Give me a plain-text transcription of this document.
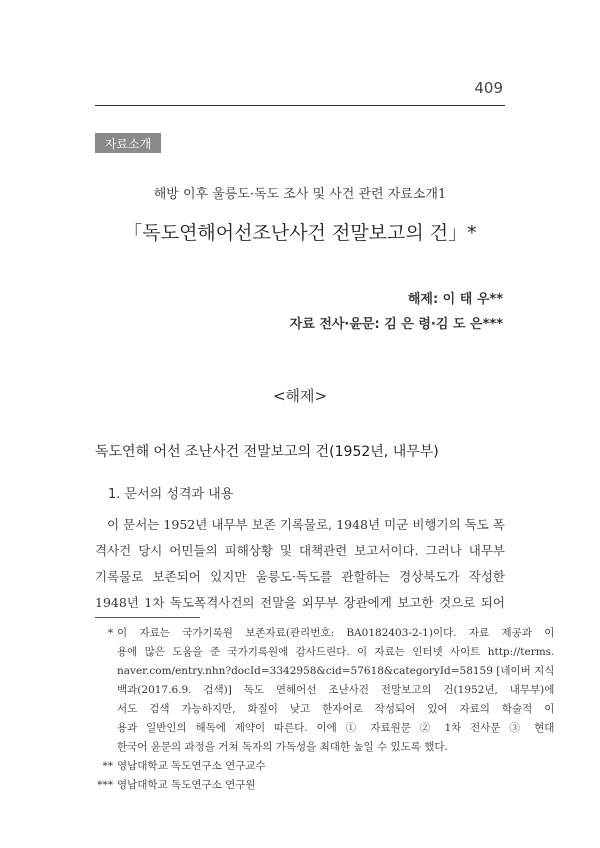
409
자료소개
해방 이후 울릉도·독도 조사 및 사건 관련 자료소개1
「독도연해어선조난사건 전말보고의 건」*
해제: 이 태 우**
자료 전사·윤문: 김 은 령·김 도 은***
<해제>
독도연해 어선 조난사건 전말보고의 건(1952년, 내무부)
1. 문서의 성격과 내용
이 문서는 1952년 내무부 보존 기록물로, 1948년 미군 비행기의 독도 폭
격사건 당시 어민들의 피해상황 및 대책관련 보고서이다. 그러나 내무부
기록물로 보존되어 있지만 울릉도·독도를 관할하는 경상북도가 작성한
1948년 1차 독도폭격사건의 전말을 외무부 장관에게 보고한 것으로 되어
* 이 자료는 국가기록원 보존자료(관리번호: BA0182403-2-1)이다. 자료 제공과 이
용에 많은 도움을 준 국가기록원에 감사드린다. 이 자료는 인터넷 사이트 http://terms.
naver.com/entry.nhn?docId=3342958&cid=57618&categoryId=58159 [네이버 지식
백과(2017.6.9. 검색)] 독도 연해어선 조난사건 전말보고의 건(1952년, 내무부)에
서도 검색 가능하지만, 화질이 낮고 한자어로 작성되어 있어 자료의 학술적 이
용과 일반인의 해독에 제약이 따른다. 이에 ① 자료원문 ② 1차 전사문 ③ 현대
한국어 윤문의 과정을 거쳐 독자의 가독성을 최대한 높일 수 있도록 했다.
** 영남대학교 독도연구소 연구교수
*** 영남대학교 독도연구소 연구원
